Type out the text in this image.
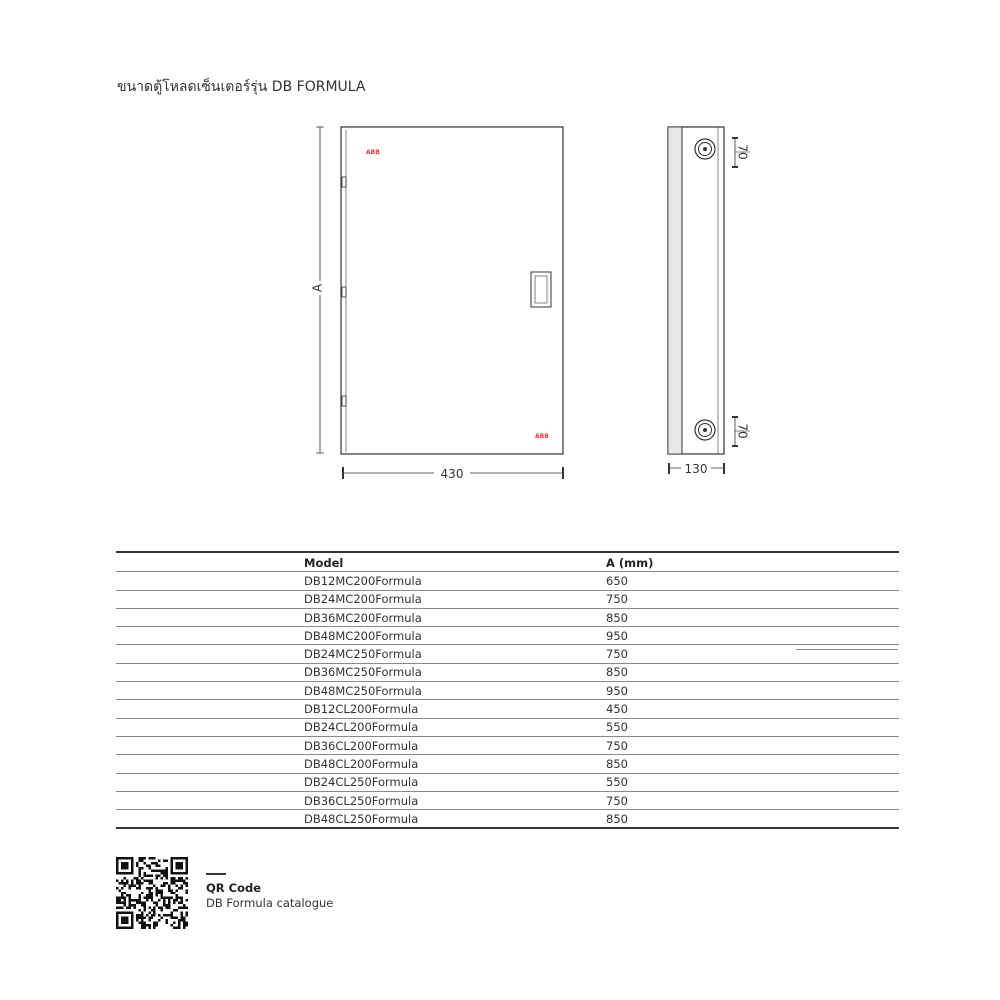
ขนาดตู้โหลดเซ็นเตอร์รุ่น DB FORMULA
ABB
ABB
A
430
70
70
130
	Model	A (mm)
	DB12MC200Formula	650
	DB24MC200Formula	750
	DB36MC200Formula	850
	DB48MC200Formula	950
	DB24MC250Formula	750
	DB36MC250Formula	850
	DB48MC250Formula	950
	DB12CL200Formula	450
	DB24CL200Formula	550
	DB36CL200Formula	750
	DB48CL200Formula	850
	DB24CL250Formula	550
	DB36CL250Formula	750
	DB48CL250Formula	850
QR Code
DB Formula catalogue
